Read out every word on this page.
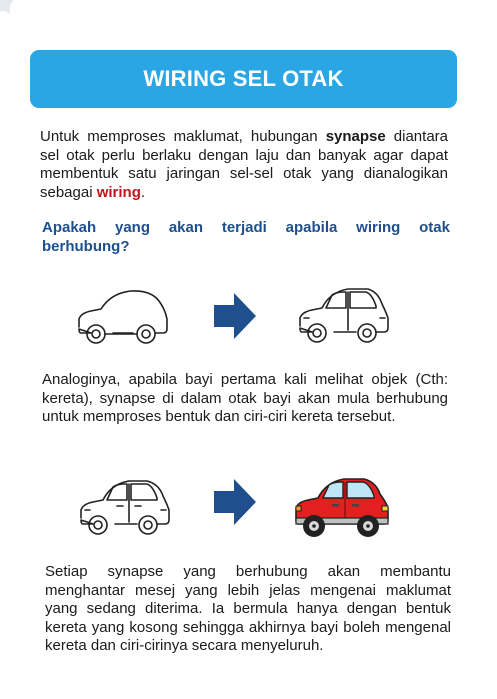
WIRING SEL OTAK
Untuk memproses maklumat, hubungan synapse diantara sel otak perlu berlaku dengan laju dan banyak agar dapat membentuk satu jaringan sel-sel otak yang dianalogikan sebagai wiring.
Apakah yang akan terjadi apabila wiring otak berhubung?
Analoginya, apabila bayi pertama kali melihat objek (Cth: kereta), synapse di dalam otak bayi akan mula berhubung untuk memproses bentuk dan ciri-ciri kereta tersebut.
Setiap synapse yang berhubung akan membantu menghantar mesej yang lebih jelas mengenai maklumat yang sedang diterima. Ia bermula hanya dengan bentuk kereta yang kosong sehingga akhirnya bayi boleh mengenal kereta dan ciri-cirinya secara menyeluruh.
